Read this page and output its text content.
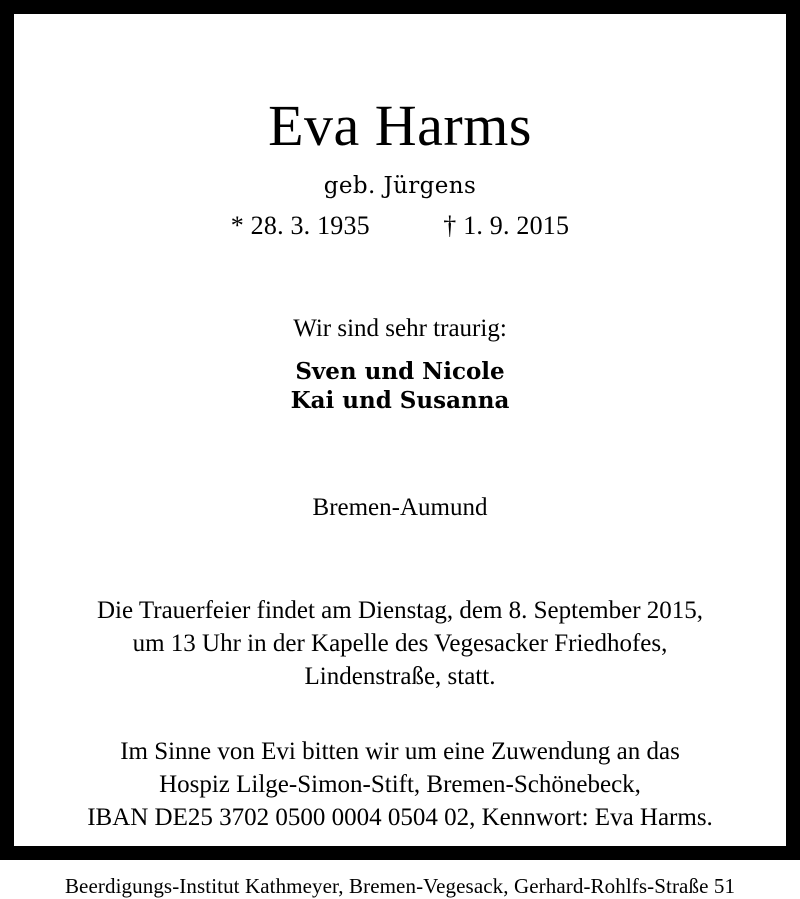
Eva Harms
geb. Jürgens
* 28. 3. 1935	† 1. 9. 2015
Wir sind sehr traurig:
Sven und Nicole
Kai und Susanna
Bremen-Aumund
Die Trauerfeier findet am Dienstag, dem 8. September 2015,
um 13 Uhr in der Kapelle des Vegesacker Friedhofes,
Lindenstraße, statt.
Im Sinne von Evi bitten wir um eine Zuwendung an das
Hospiz Lilge-Simon-Stift, Bremen-Schönebeck,
IBAN DE25 3702 0500 0004 0504 02, Kennwort: Eva Harms.
Beerdigungs-Institut Kathmeyer, Bremen-Vegesack, Gerhard-Rohlfs-Straße 51
